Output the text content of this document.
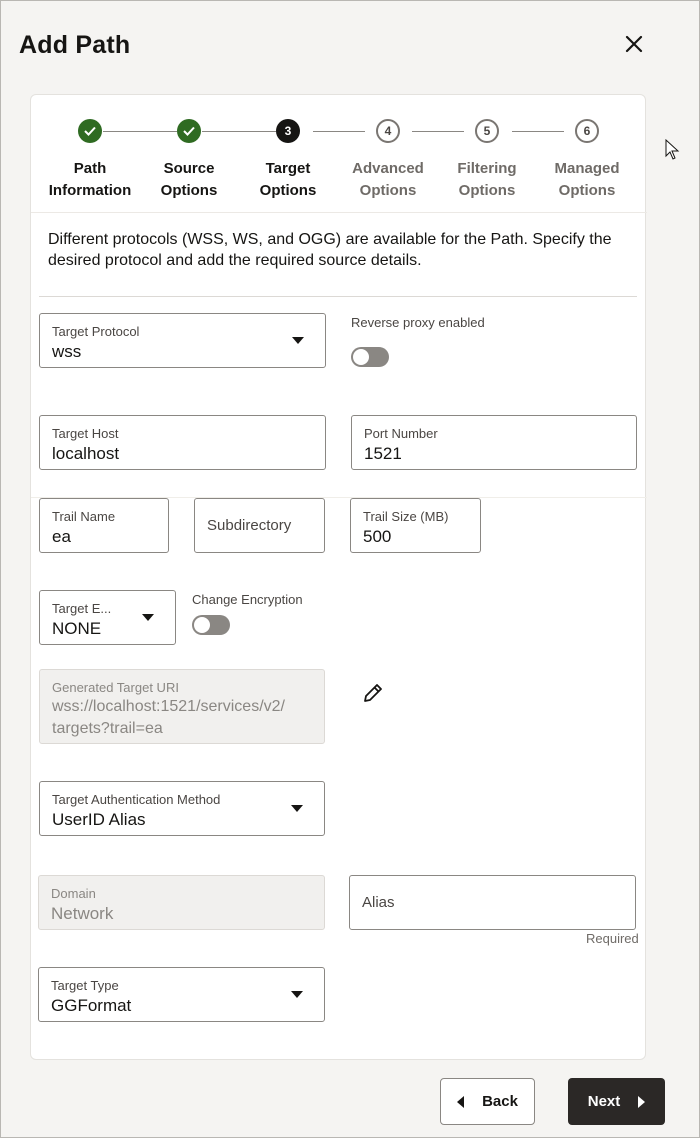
Add Path
Path
Information
Source
Options
3
Target
Options
4
Advanced
Options
5
Filtering
Options
6
Managed
Options
Different protocols (WSS, WS, and OGG) are available for the Path. Specify the desired protocol and add the required source details.
Target Protocol
wss
Reverse proxy enabled
Target Host
localhost
Port Number
1521
Trail Name
ea
Subdirectory
Trail Size (MB)
500
Target E...
NONE
Change Encryption
Generated Target URI
wss://localhost:1521/services/v2/
targets?trail=ea
Target Authentication Method
UserID Alias
Domain
Network
Alias
Required
Target Type
GGFormat
Back	Next
